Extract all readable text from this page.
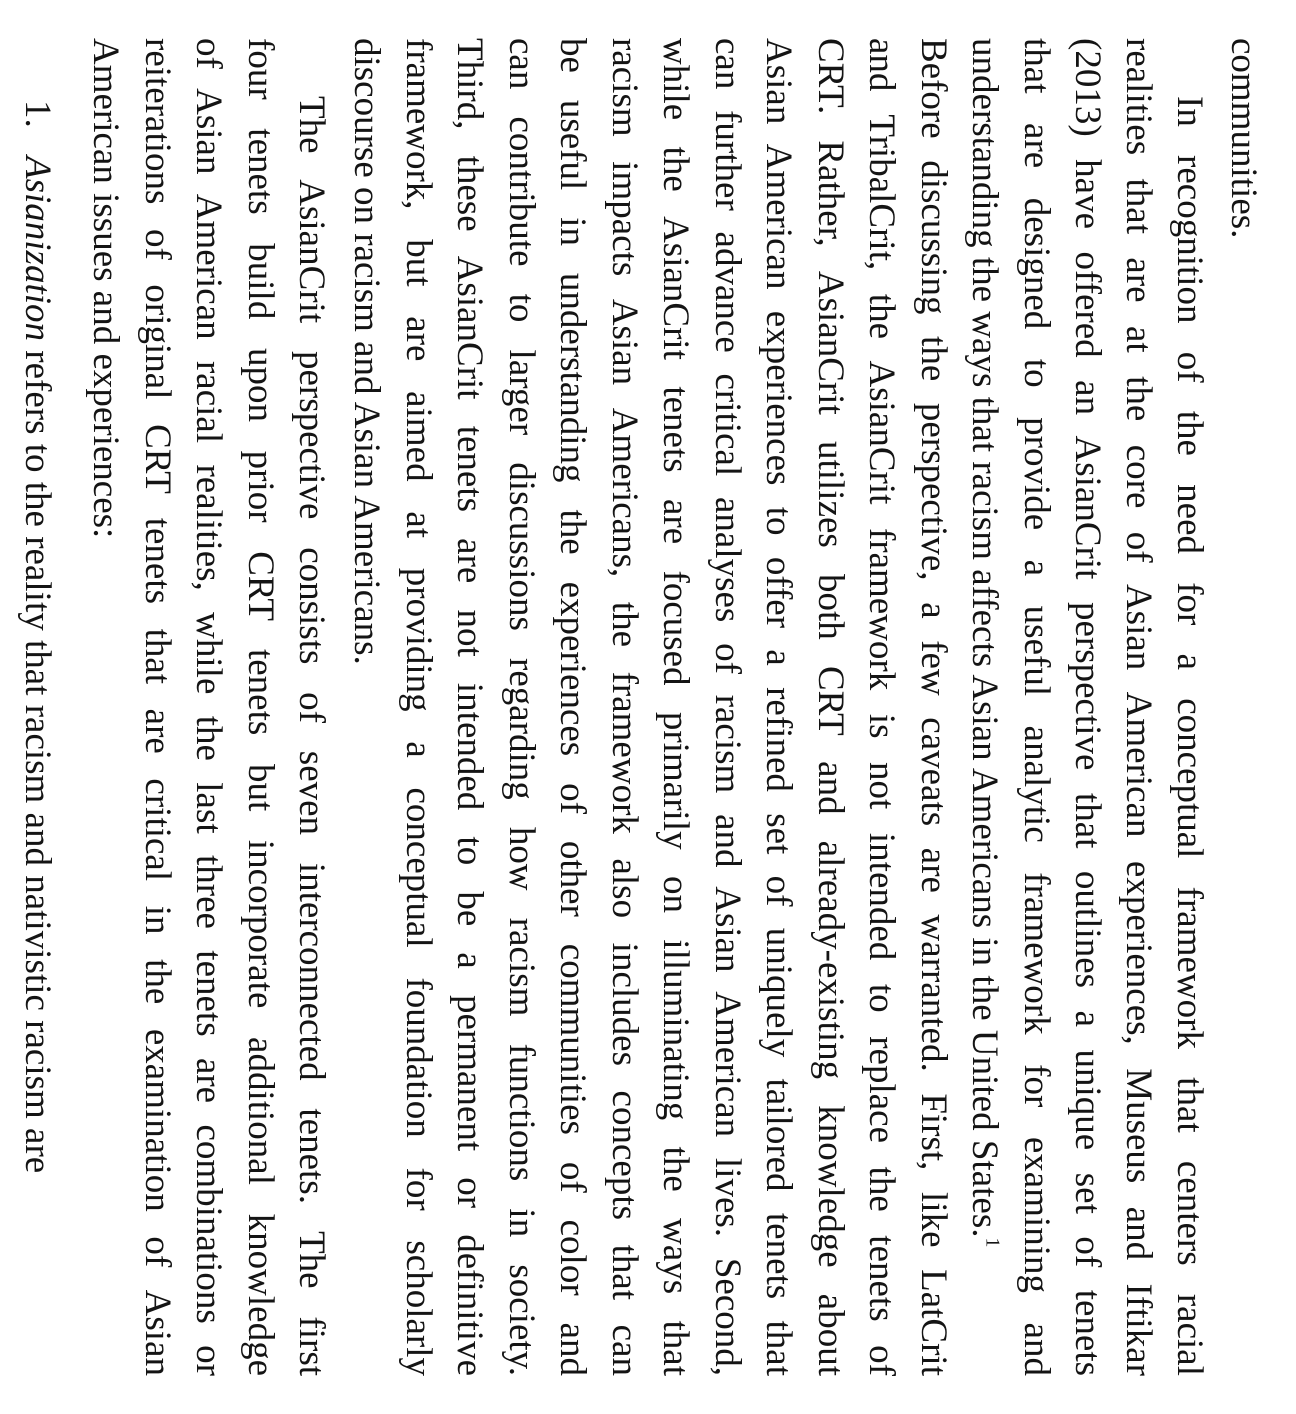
communities.
In recognition of the need for a conceptual framework that centers racial
realities that are at the core of Asian American experiences, Museus and Iftikar
(2013) have offered an AsianCrit perspective that outlines a unique set of tenets
that are designed to provide a useful analytic framework for examining and
understanding the ways that racism affects Asian Americans in the United States.$^1$
Before discussing the perspective, a few caveats are warranted. First, like LatCrit
and TribalCrit, the AsianCrit framework is not intended to replace the tenets of
CRT. Rather, AsianCrit utilizes both CRT and already-existing knowledge about
Asian American experiences to offer a refined set of uniquely tailored tenets that
can further advance critical analyses of racism and Asian American lives. Second,
while the AsianCrit tenets are focused primarily on illuminating the ways that
racism impacts Asian Americans, the framework also includes concepts that can
be useful in understanding the experiences of other communities of color and
can contribute to larger discussions regarding how racism functions in society.
Third, these AsianCrit tenets are not intended to be a permanent or definitive
framework, but are aimed at providing a conceptual foundation for scholarly
discourse on racism and Asian Americans.
The AsianCrit perspective consists of seven interconnected tenets. The first
four tenets build upon prior CRT tenets but incorporate additional knowledge
of Asian American racial realities, while the last three tenets are combinations or
reiterations of original CRT tenets that are critical in the examination of Asian
American issues and experiences:
1.Asianization refers to the reality that racism and nativistic racism are
